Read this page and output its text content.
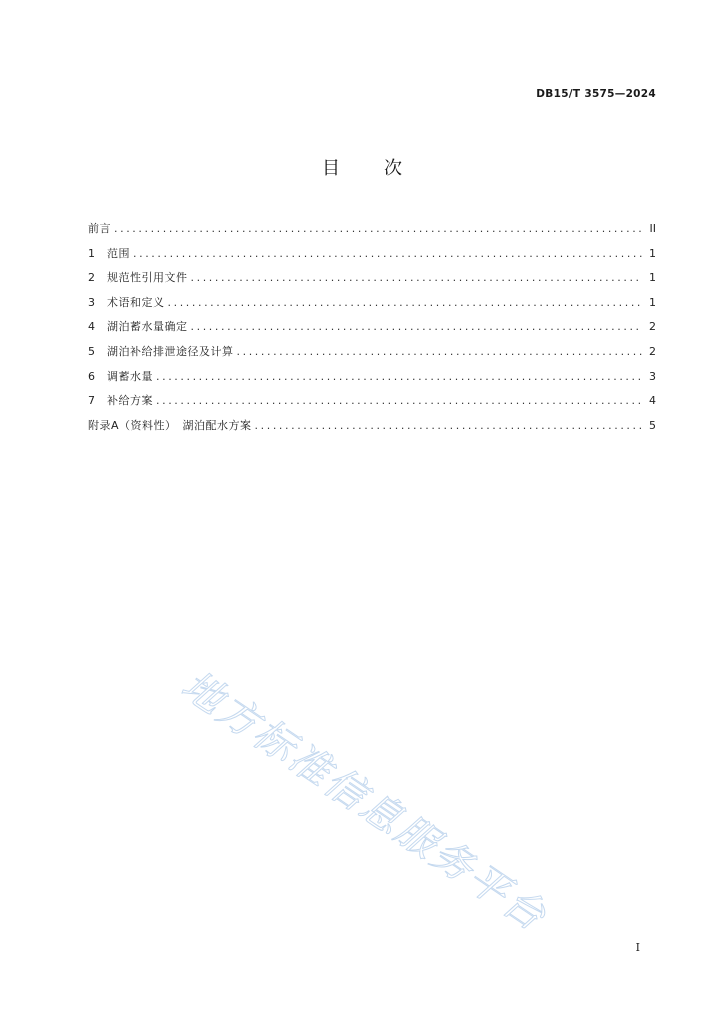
DB15/T 3575—2024
目 次
前言 .....	II
1	范围 .....	1
2	规范性引用文件 .....	1
3	术语和定义 .....	1
4	湖泊蓄水量确定 .....	2
5	湖泊补给排泄途径及计算 .....	2
6	调蓄水量 .....	3
7	补给方案 .....	4
附录A（资料性）　湖泊配水方案 .....	5
地方标准信息服务平台
I
